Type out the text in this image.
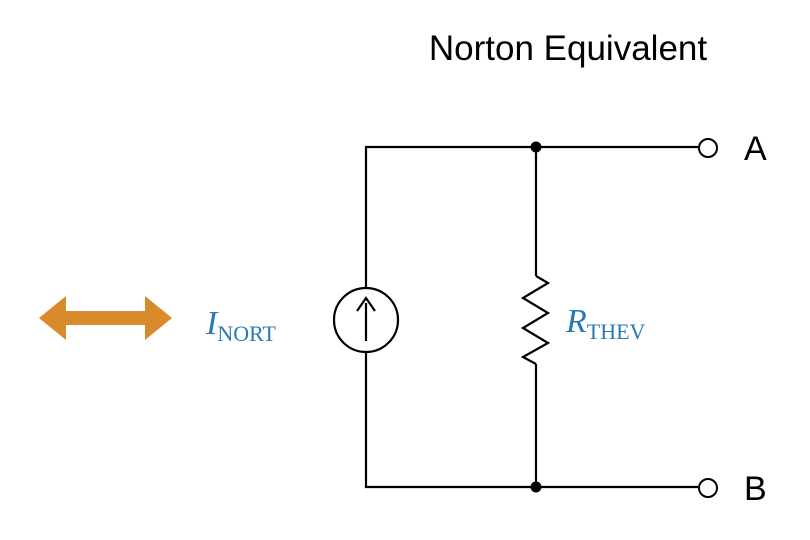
Norton Equivalent
A
B
INORT	RTHEV
